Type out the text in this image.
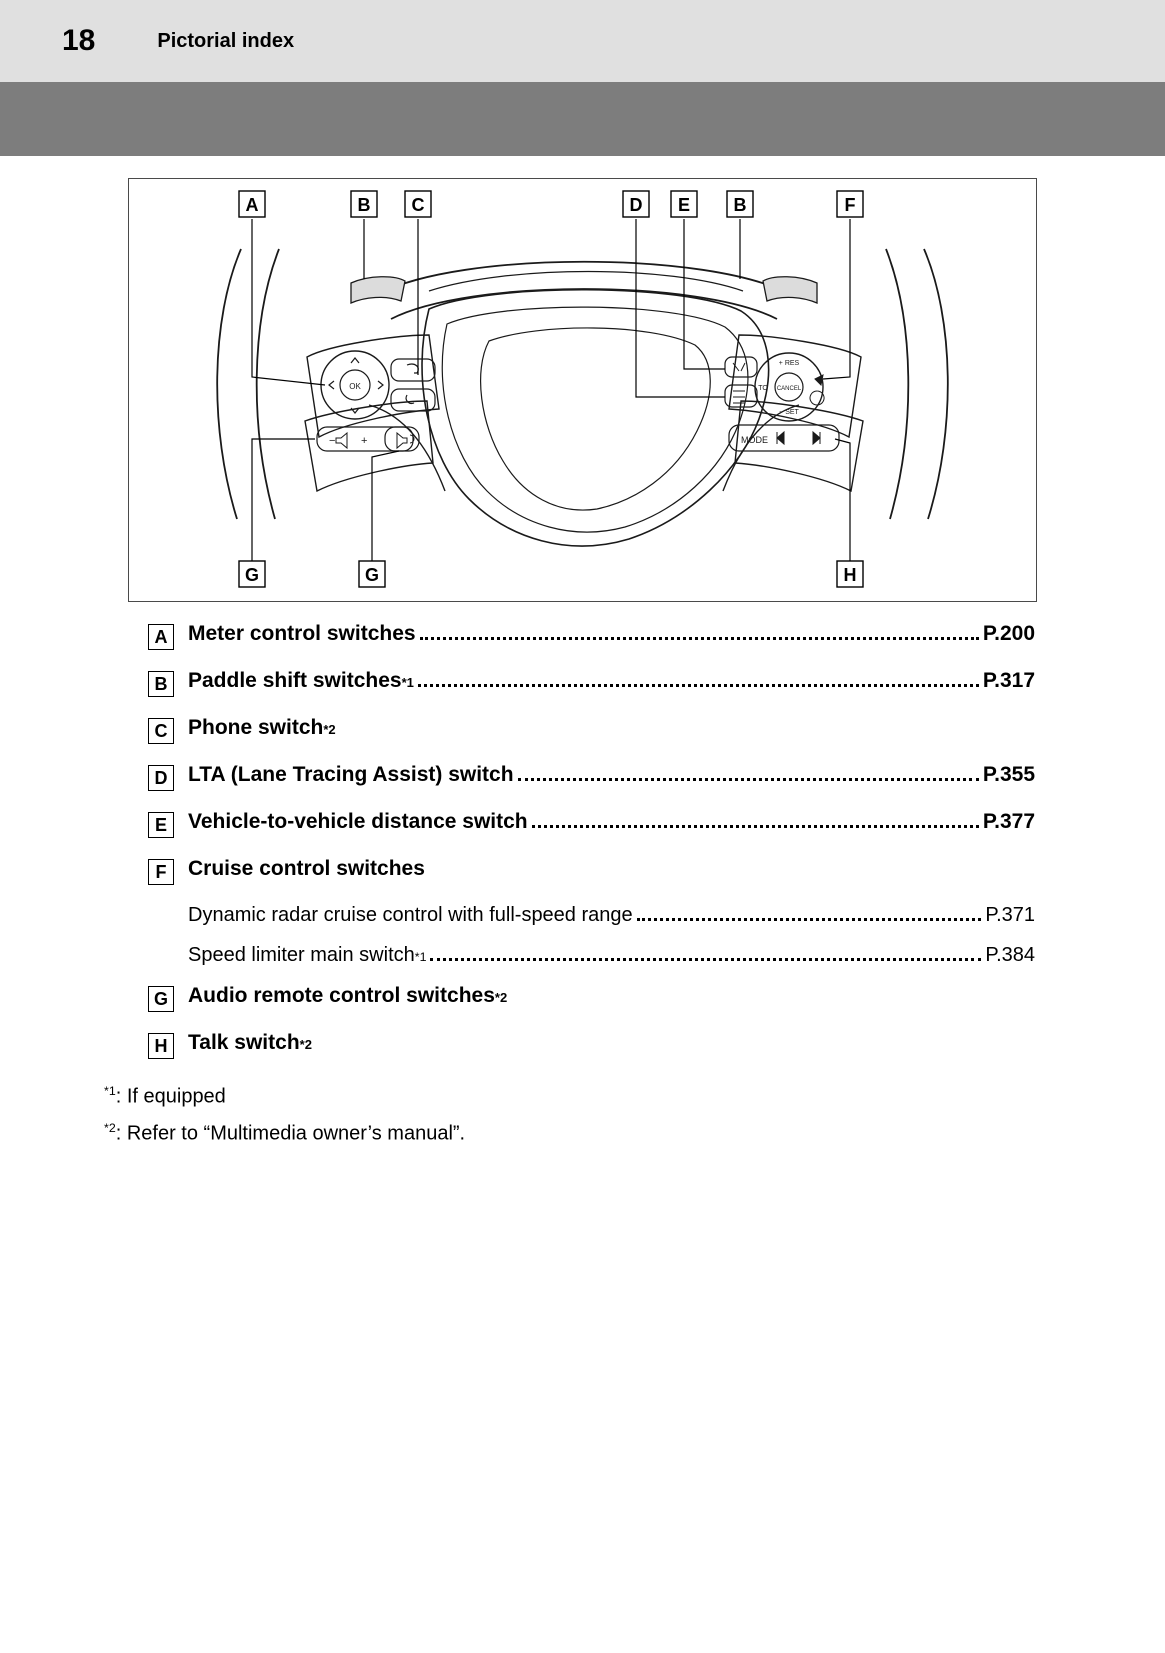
18	Pictorial index
OK
− +
CANCEL
+ RES
− SET
TO
MODE
A	B C	D E B	F
G	G	H
A Meter control switches	P.200
B Paddle shift switches *1	P.317
C Phone switch *2
D LTA (Lane Tracing Assist) switch	P.355
E	Vehicle-to-vehicle distance switch	P.377
F	Cruise control switches
Dynamic radar cruise control with full-speed range	P.371
Speed limiter main switch *1	P.384
G Audio remote control switches *2
H Talk switch *2
$^{*1}$: If equipped
$^{*2}$: Refer to “Multimedia owner’s manual”.
